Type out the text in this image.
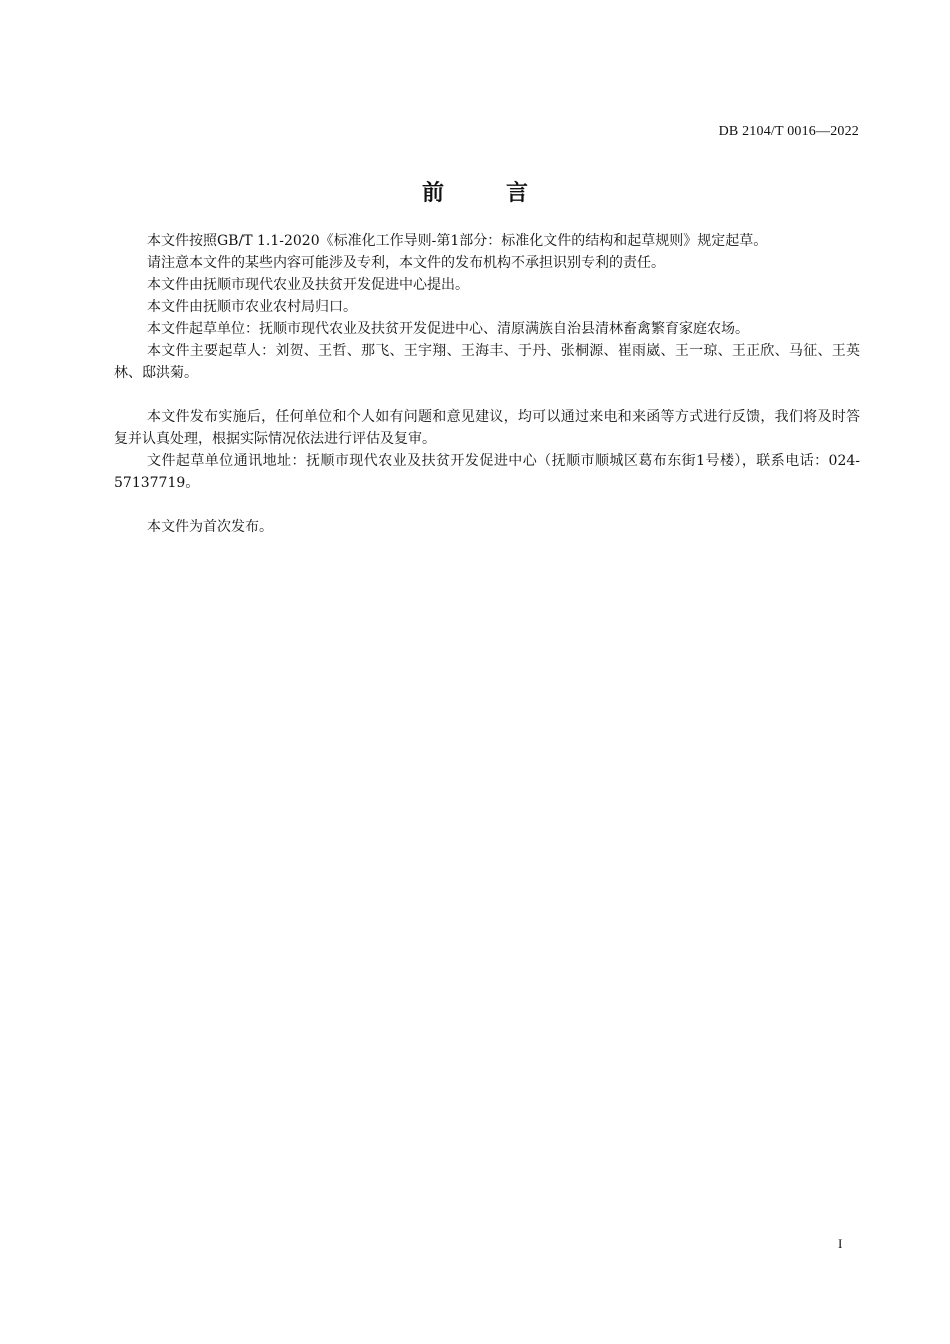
DB 2104/T 0016—2022
前	言

本文件按照GB/T 1.1-2020《标准化工作导则-第1部分：标准化文件的结构和起草规则》规定起草。

请注意本文件的某些内容可能涉及专利，本文件的发布机构不承担识别专利的责任。

本文件由抚顺市现代农业及扶贫开发促进中心提出。

本文件由抚顺市农业农村局归口。

本文件起草单位：抚顺市现代农业及扶贫开发促进中心、清原满族自治县清林畜禽繁育家庭农场。

本文件主要起草人：刘贺、王哲、那飞、王宇翔、王海丰、于丹、张桐源、崔雨崴、王一琼、王正欣、马征、王英林、邸洪菊。

本文件发布实施后，任何单位和个人如有问题和意见建议，均可以通过来电和来函等方式进行反馈，我们将及时答复并认真处理，根据实际情况依法进行评估及复审。

文件起草单位通讯地址：抚顺市现代农业及扶贫开发促进中心（抚顺市顺城区葛布东街1号楼），联系电话：024-57137719。

本文件为首次发布。

I
